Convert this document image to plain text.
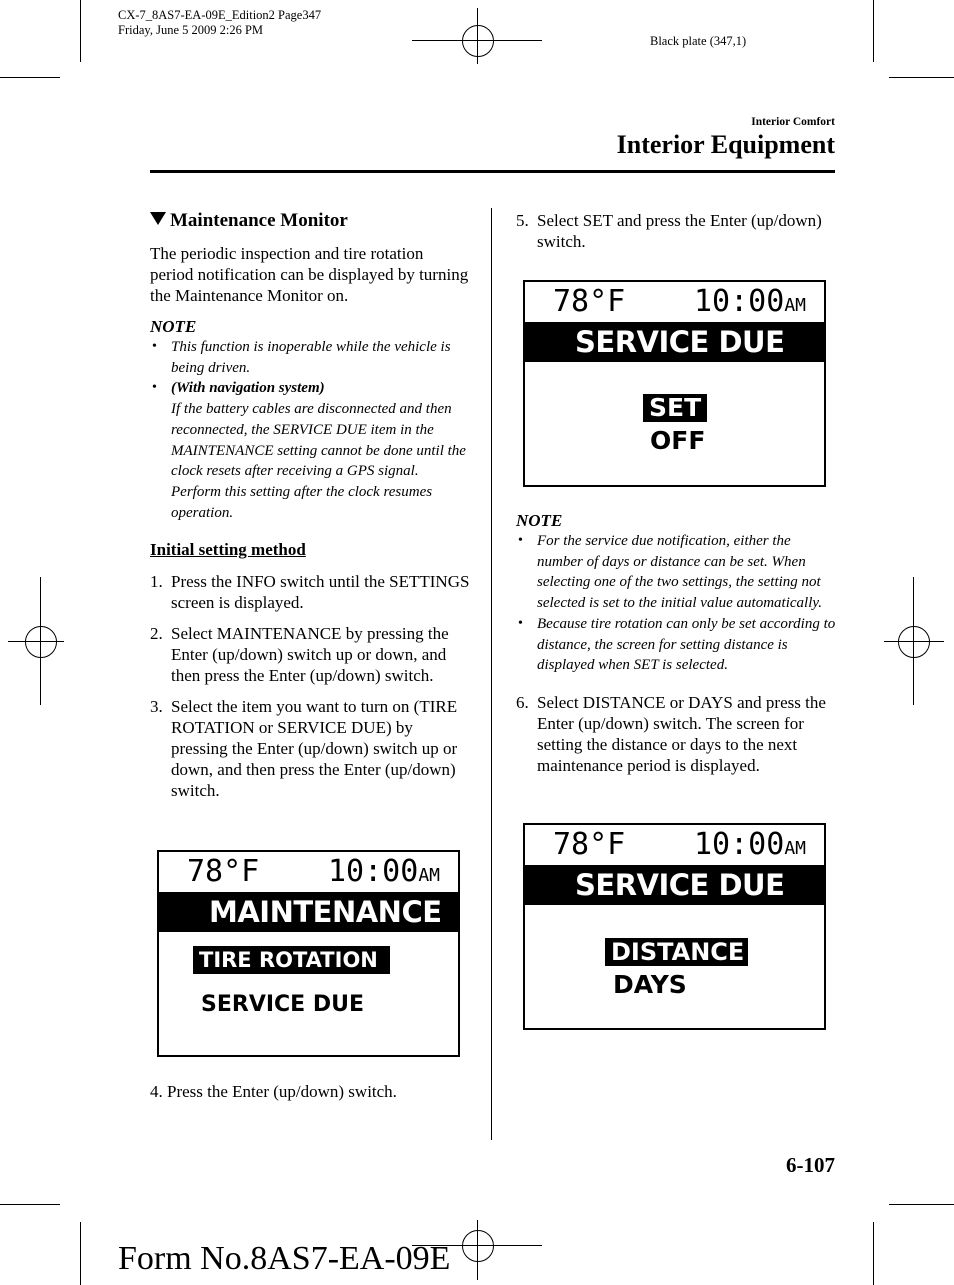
CX-7_8AS7-EA-09E_Edition2 Page347
Friday, June 5 2009 2:26 PM
Black plate (347,1)
Interior Comfort
Interior Equipment
Maintenance Monitor

The periodic inspection and tire rotation period notification can be displayed by turning the Maintenance Monitor on.

NOTE

• This function is inoperable while the vehicle is being driven.
• (With navigation system)
If the battery cables are disconnected and then reconnected, the SERVICE DUE item in the MAINTENANCE setting cannot be done until the clock resets after receiving a GPS signal. Perform this setting after the clock resumes operation.

Initial setting method

1. Press the INFO switch until the SETTINGS screen is displayed.
2. Select MAINTENANCE by pressing the Enter (up/down) switch up or down, and then press the Enter (up/down) switch.
3. Select the item you want to turn on (TIRE ROTATION or SERVICE DUE) by pressing the Enter (up/down) switch up or down, and then press the Enter (up/down) switch.
78°F 10:00AM
MAINTENANCE
TIRE ROTATION
SERVICE DUE
4. Press the Enter (up/down) switch.
5. Select SET and press the Enter (up/down) switch.
78°F 10:00AM
SERVICE DUE
SET
OFF

NOTE

• For the service due notification, either the number of days or distance can be set. When selecting one of the two settings, the setting not selected is set to the initial value automatically.
• Because tire rotation can only be set according to distance, the screen for setting distance is displayed when SET is selected.
6. Select DISTANCE or DAYS and press the Enter (up/down) switch. The screen for setting the distance or days to the next maintenance period is displayed.
78°F 10:00AM
SERVICE DUE
DISTANCE
DAYS
6-107
Form No.8AS7-EA-09E
